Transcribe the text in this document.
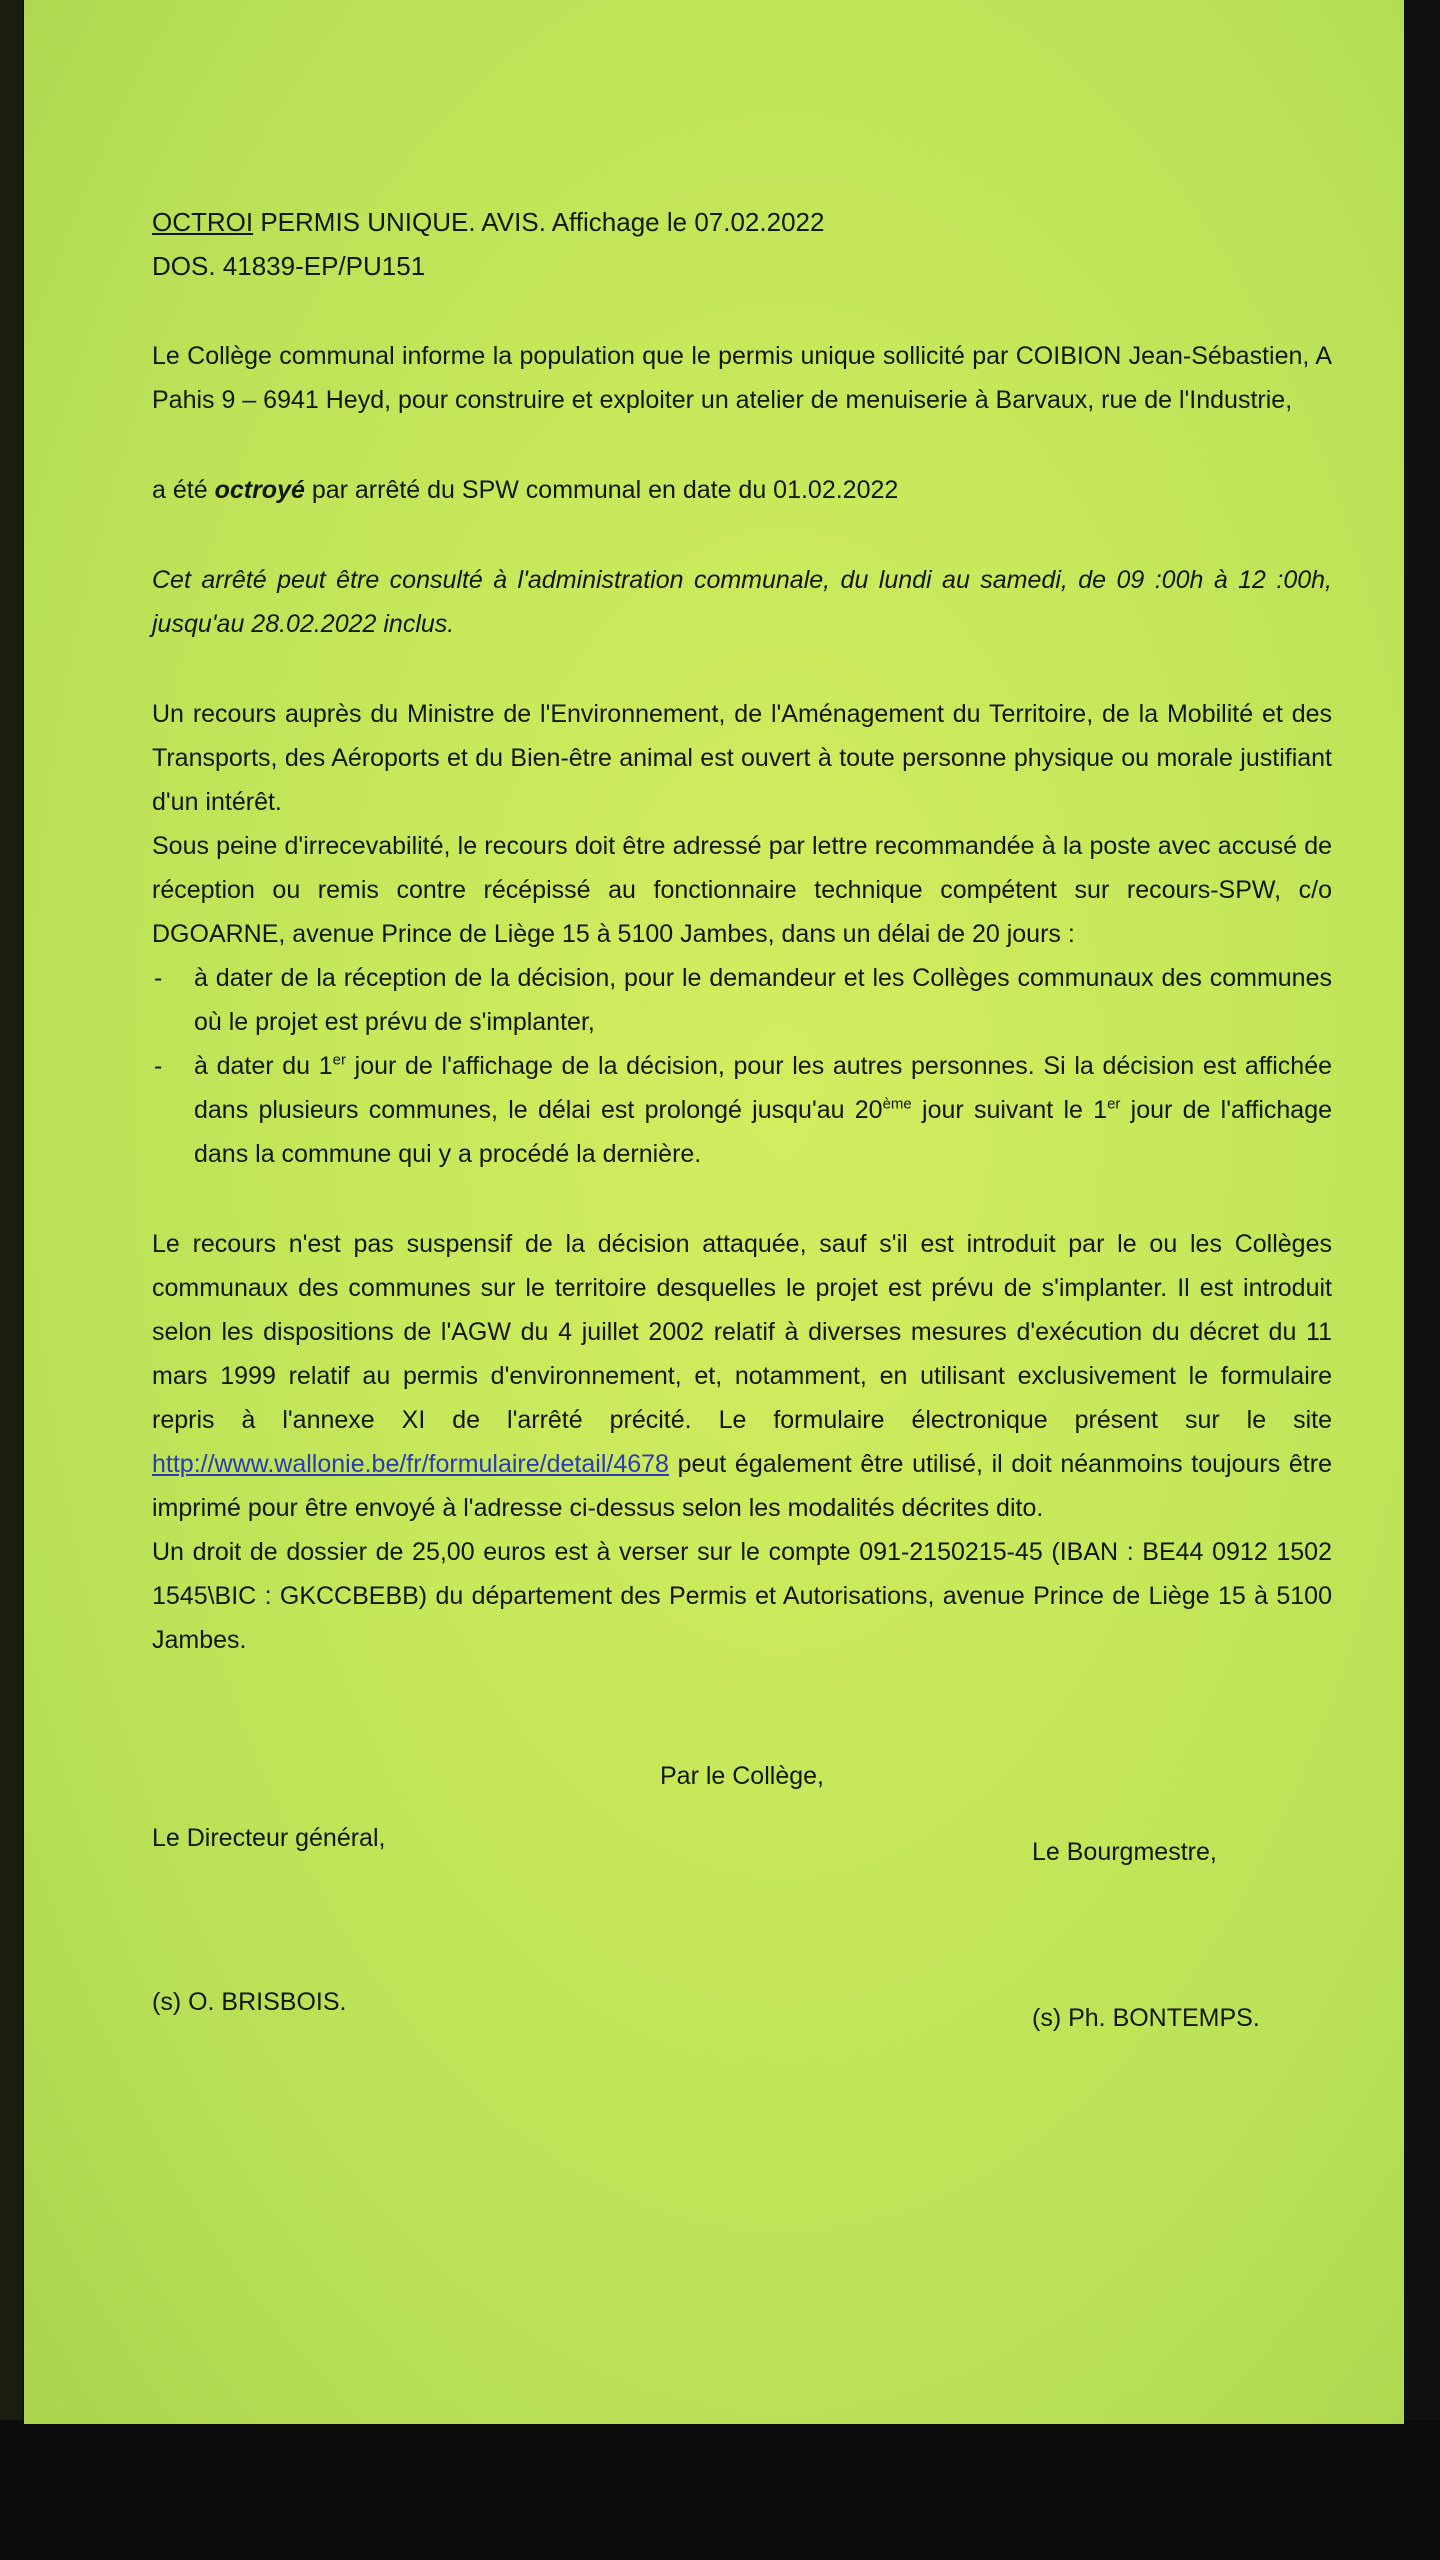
OCTROI PERMIS UNIQUE. AVIS. Affichage le 07.02.2022

DOS. 41839-EP/PU151

Le Collège communal informe la population que le permis unique sollicité par COIBION Jean-Sébastien, A Pahis 9 – 6941 Heyd, pour construire et exploiter un atelier de menuiserie à Barvaux, rue de l'Industrie,

a été octroyé par arrêté du SPW communal en date du 01.02.2022

Cet arrêté peut être consulté à l'administration communale, du lundi au samedi, de 09 :00h à 12 :00h, jusqu'au 28.02.2022 inclus.

Un recours auprès du Ministre de l'Environnement, de l'Aménagement du Territoire, de la Mobilité et des Transports, des Aéroports et du Bien-être animal est ouvert à toute personne physique ou morale justifiant d'un intérêt.

Sous peine d'irrecevabilité, le recours doit être adressé par lettre recommandée à la poste avec accusé de réception ou remis contre récépissé au fonctionnaire technique compétent sur recours-SPW, c/o DGOARNE, avenue Prince de Liège 15 à 5100 Jambes, dans un délai de 20 jours :

- à dater de la réception de la décision, pour le demandeur et les Collèges communaux des communes où le projet est prévu de s'implanter,
- à dater du 1er jour de l'affichage de la décision, pour les autres personnes. Si la décision est affichée dans plusieurs communes, le délai est prolongé jusqu'au 20ème jour suivant le 1er jour de l'affichage dans la commune qui y a procédé la dernière.

Le recours n'est pas suspensif de la décision attaquée, sauf s'il est introduit par le ou les Collèges communaux des communes sur le territoire desquelles le projet est prévu de s'implanter. Il est introduit selon les dispositions de l'AGW du 4 juillet 2002 relatif à diverses mesures d'exécution du décret du 11 mars 1999 relatif au permis d'environnement, et, notamment, en utilisant exclusivement le formulaire repris à l'annexe XI de l'arrêté précité. Le formulaire électronique présent sur le site http://www.wallonie.be/fr/formulaire/detail/4678 peut également être utilisé, il doit néanmoins toujours être imprimé pour être envoyé à l'adresse ci-dessus selon les modalités décrites dito.

Un droit de dossier de 25,00 euros est à verser sur le compte 091-2150215-45 (IBAN : BE44 0912 1502 1545\BIC : GKCCBEBB) du département des Permis et Autorisations, avenue Prince de Liège 15 à 5100 Jambes.

Par le Collège,

Le Directeur général,	Le Bourgmestre,
(s) O. BRISBOIS.
(s) Ph. BONTEMPS.
